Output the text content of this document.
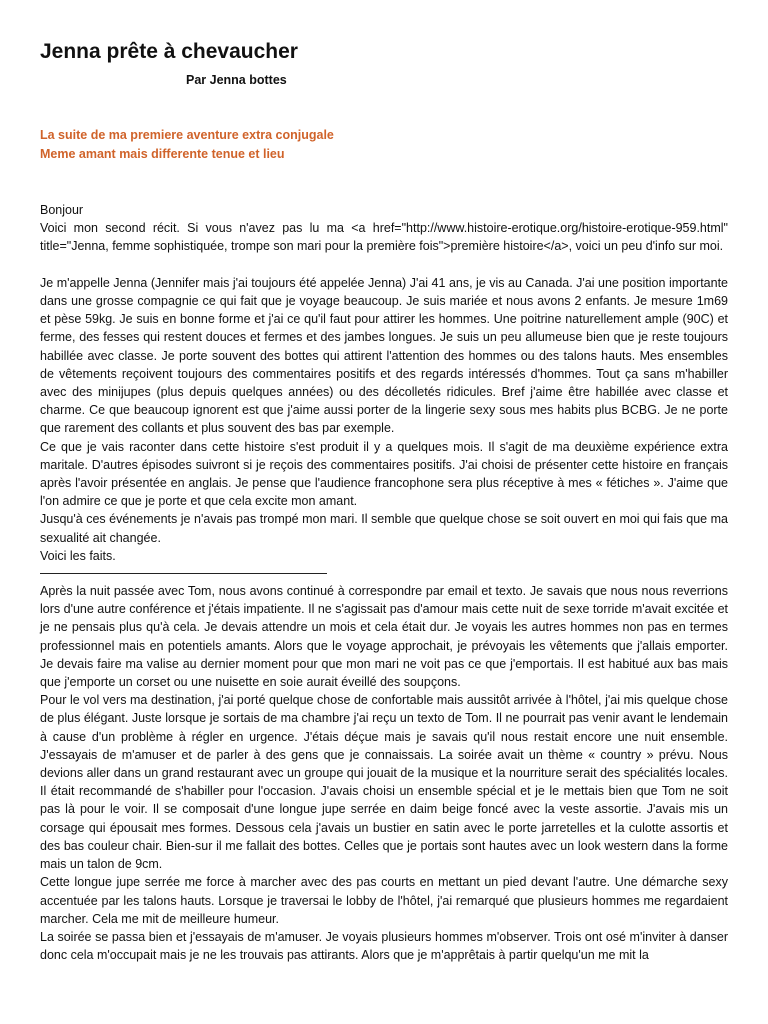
Jenna prête à chevaucher
Par Jenna bottes
La suite de ma premiere aventure extra conjugale
Meme amant mais differente tenue et lieu

Bonjour

Voici mon second récit. Si vous n'avez pas lu ma <a href="http://www.histoire-erotique.org/histoire-erotique-959.html" title="Jenna, femme sophistiquée, trompe son mari pour la première fois">première histoire</a>, voici un peu d'info sur moi.

Je m'appelle Jenna (Jennifer mais j'ai toujours été appelée Jenna) J'ai 41 ans, je vis au Canada. J'ai une position importante dans une grosse compagnie ce qui fait que je voyage beaucoup. Je suis mariée et nous avons 2 enfants. Je mesure 1m69 et pèse 59kg. Je suis en bonne forme et j'ai ce qu'il faut pour attirer les hommes. Une poitrine naturellement ample (90C) et ferme, des fesses qui restent douces et fermes et des jambes longues. Je suis un peu allumeuse bien que je reste toujours habillée avec classe. Je porte souvent des bottes qui attirent l'attention des hommes ou des talons hauts. Mes ensembles de vêtements reçoivent toujours des commentaires positifs et des regards intéressés d'hommes. Tout ça sans m'habiller avec des minijupes (plus depuis quelques années) ou des décolletés ridicules. Bref j'aime être habillée avec classe et charme. Ce que beaucoup ignorent est que j'aime aussi porter de la lingerie sexy sous mes habits plus BCBG. Je ne porte que rarement des collants et plus souvent des bas par exemple.

Ce que je vais raconter dans cette histoire s'est produit il y a quelques mois. Il s'agit de ma deuxième expérience extra maritale. D'autres épisodes suivront si je reçois des commentaires positifs. J'ai choisi de présenter cette histoire en français après l'avoir présentée en anglais. Je pense que l'audience francophone sera plus réceptive à mes « fétiches ». J'aime que l'on admire ce que je porte et que cela excite mon amant.

Jusqu'à ces événements je n'avais pas trompé mon mari. Il semble que quelque chose se soit ouvert en moi qui fais que ma sexualité ait changée.

Voici les faits.

Après la nuit passée avec Tom, nous avons continué à correspondre par email et texto. Je savais que nous nous reverrions lors d'une autre conférence et j'étais impatiente. Il ne s'agissait pas d'amour mais cette nuit de sexe torride m'avait excitée et je ne pensais plus qu'à cela. Je devais attendre un mois et cela était dur. Je voyais les autres hommes non pas en termes professionnel mais en potentiels amants. Alors que le voyage approchait, je prévoyais les vêtements que j'allais emporter. Je devais faire ma valise au dernier moment pour que mon mari ne voit pas ce que j'emportais. Il est habitué aux bas mais que j'emporte un corset ou une nuisette en soie aurait éveillé des soupçons.

Pour le vol vers ma destination, j'ai porté quelque chose de confortable mais aussitôt arrivée à l'hôtel, j'ai mis quelque chose de plus élégant. Juste lorsque je sortais de ma chambre j'ai reçu un texto de Tom. Il ne pourrait pas venir avant le lendemain à cause d'un problème à régler en urgence. J'étais déçue mais je savais qu'il nous restait encore une nuit ensemble. J'essayais de m'amuser et de parler à des gens que je connaissais. La soirée avait un thème « country » prévu. Nous devions aller dans un grand restaurant avec un groupe qui jouait de la musique et la nourriture serait des spécialités locales. Il était recommandé de s'habiller pour l'occasion. J'avais choisi un ensemble spécial et je le mettais bien que Tom ne soit pas là pour le voir. Il se composait d'une longue jupe serrée en daim beige foncé avec la veste assortie. J'avais mis un corsage qui épousait mes formes. Dessous cela j'avais un bustier en satin avec le porte jarretelles et la culotte assortis et des bas couleur chair. Bien-sur il me fallait des bottes. Celles que je portais sont hautes avec un look western dans la forme mais un talon de 9cm.

Cette longue jupe serrée me force à marcher avec des pas courts en mettant un pied devant l'autre. Une démarche sexy accentuée par les talons hauts. Lorsque je traversai le lobby de l'hôtel, j'ai remarqué que plusieurs hommes me regardaient marcher. Cela me mit de meilleure humeur.

La soirée se passa bien et j'essayais de m'amuser. Je voyais plusieurs hommes m'observer. Trois ont osé m'inviter à danser donc cela m'occupait mais je ne les trouvais pas attirants. Alors que je m'apprêtais à partir quelqu'un me mit la
